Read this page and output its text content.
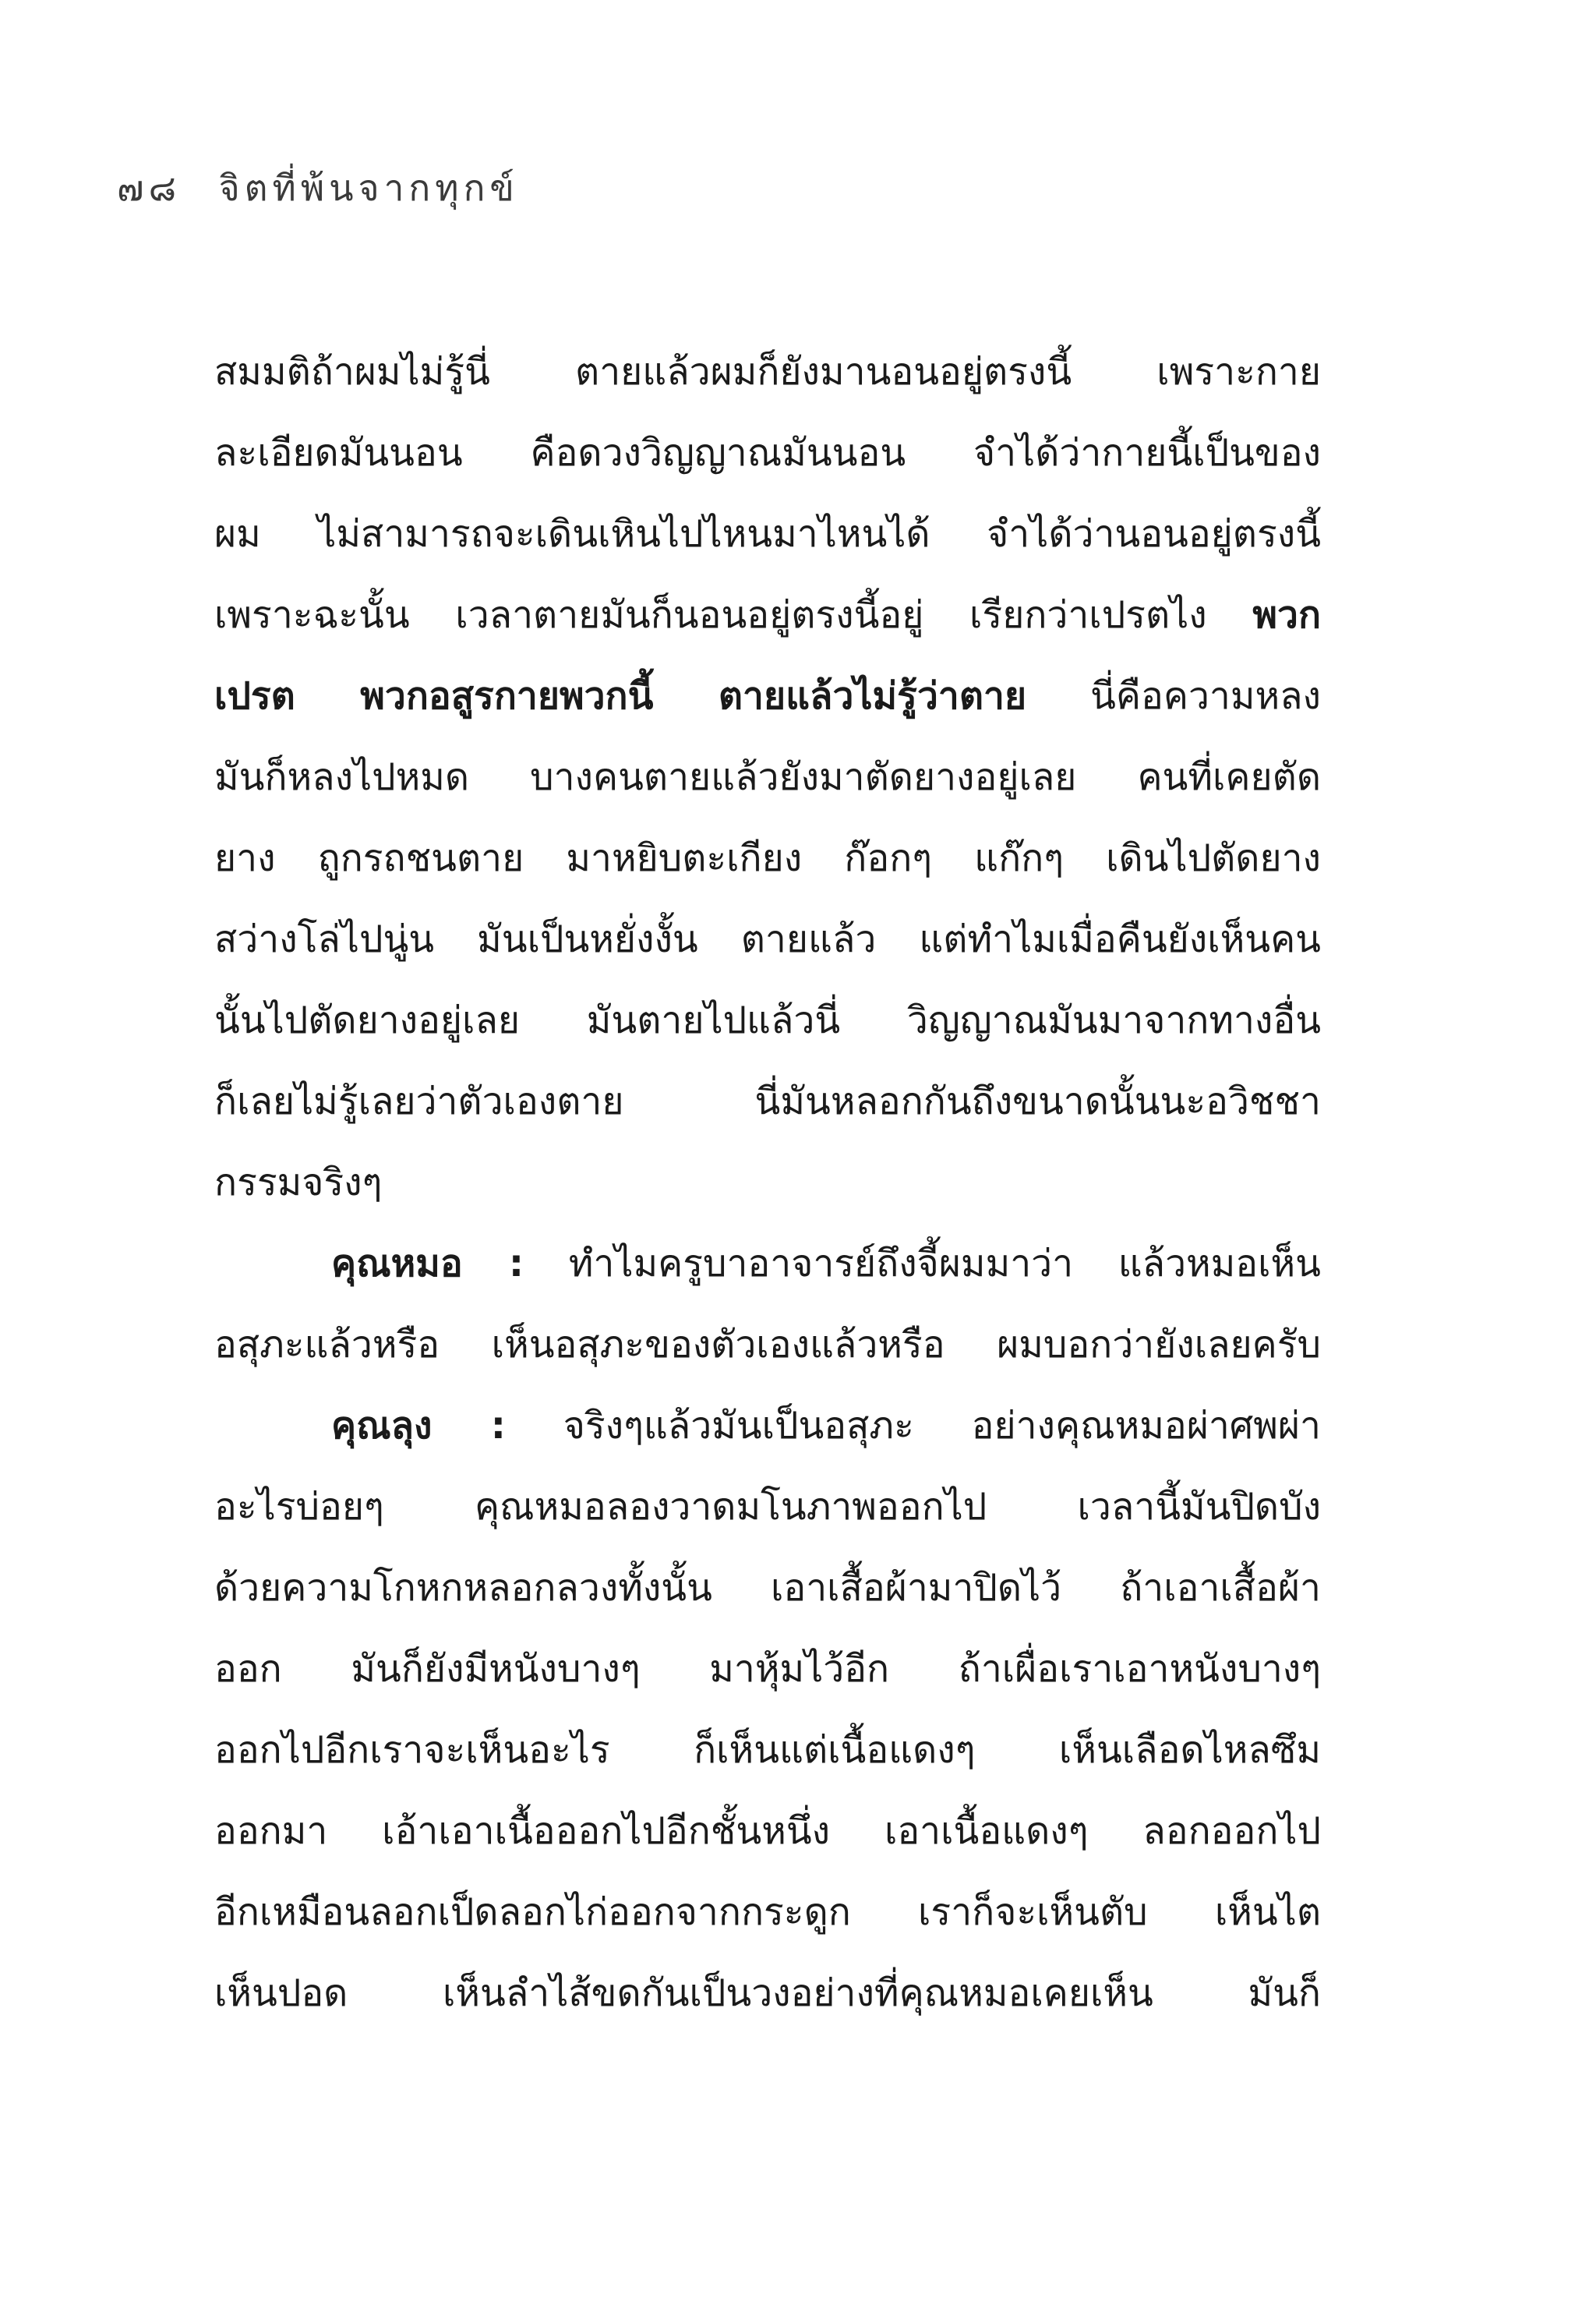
๗๘ จิตที่พ้นจากทุกข์
สมมติถ้าผมไม่รู้นี่ ตายแล้วผมก็ยังมานอนอยู่ตรงนี้ เพราะกาย
ละเอียดมันนอน คือดวงวิญญาณมันนอน จำได้ว่ากายนี้เป็นของ
ผม ไม่สามารถจะเดินเหินไปไหนมาไหนได้ จำได้ว่านอนอยู่ตรงนี้
เพราะฉะนั้น เวลาตายมันก็นอนอยู่ตรงนี้อยู่ เรียกว่าเปรตไง พวก
เปรต พวกอสูรกายพวกนี้ ตายแล้วไม่รู้ว่าตาย นี่คือความหลง
มันก็หลงไปหมด บางคนตายแล้วยังมาตัดยางอยู่เลย คนที่เคยตัด
ยาง ถูกรถชนตาย มาหยิบตะเกียง ก๊อกๆ แก๊กๆ เดินไปตัดยาง
สว่างโล่ไปนู่น มันเป็นหยั่งงั้น ตายแล้ว แต่ทำไมเมื่อคืนยังเห็นคน
นั้นไปตัดยางอยู่เลย มันตายไปแล้วนี่ วิญญาณมันมาจากทางอื่น
ก็เลยไม่รู้เลยว่าตัวเองตาย นี่มันหลอกกันถึงขนาดนั้นนะอวิชชา
กรรมจริงๆ
คุณหมอ : ทำไมครูบาอาจารย์ถึงจี้ผมมาว่า แล้วหมอเห็น
อสุภะแล้วหรือ เห็นอสุภะของตัวเองแล้วหรือ ผมบอกว่ายังเลยครับ
คุณลุง : จริงๆแล้วมันเป็นอสุภะ อย่างคุณหมอผ่าศพผ่า
อะไรบ่อยๆ คุณหมอลองวาดมโนภาพออกไป เวลานี้มันปิดบัง
ด้วยความโกหกหลอกลวงทั้งนั้น เอาเสื้อผ้ามาปิดไว้ ถ้าเอาเสื้อผ้า
ออก มันก็ยังมีหนังบางๆ มาหุ้มไว้อีก ถ้าเผื่อเราเอาหนังบางๆ
ออกไปอีกเราจะเห็นอะไร ก็เห็นแต่เนื้อแดงๆ เห็นเลือดไหลซึม
ออกมา เอ้าเอาเนื้อออกไปอีกชั้นหนึ่ง เอาเนื้อแดงๆ ลอกออกไป
อีกเหมือนลอกเป็ดลอกไก่ออกจากกระดูก เราก็จะเห็นตับ เห็นไต
เห็นปอด เห็นลำไส้ขดกันเป็นวงอย่างที่คุณหมอเคยเห็น มันก็
